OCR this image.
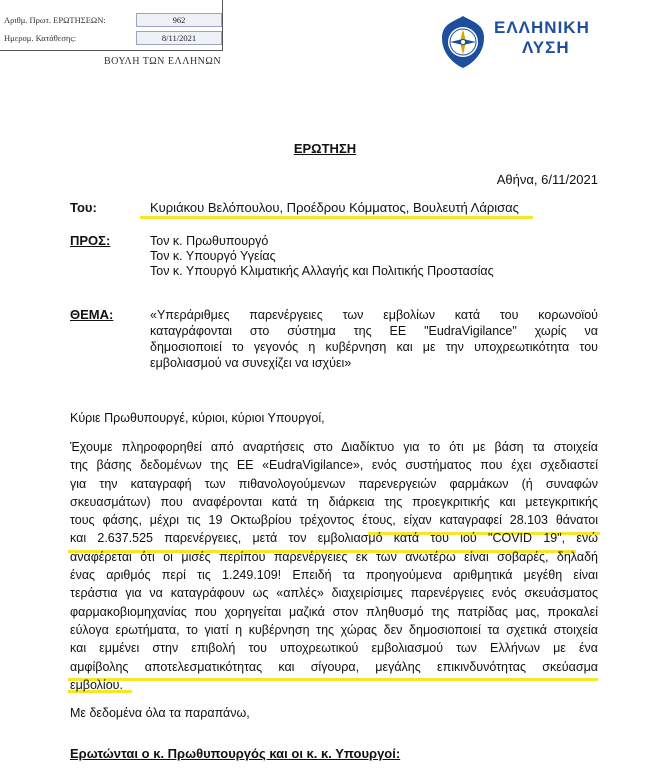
Αριθμ. Πρωτ. ΕΡΩΤΗΣΕΩΝ:	962
Ημερομ. Κατάθεσης:	8/11/2021
ΒΟΥΛΗ ΤΩΝ ΕΛΛΗΝΩΝ
ΕΛΛΗΝΙΚΗ
ΛΥΣΗ
ΕΡΩΤΗΣΗ
Αθήνα, 6/11/2021
Του:	Κυριάκου Βελόπουλου, Προέδρου Κόμματος, Βουλευτή Λάρισας
ΠΡΟΣ:	Τον κ. Πρωθυπουργό
Τον κ. Υπουργό Υγείας
Τον κ. Υπουργό Κλιματικής Αλλαγής και Πολιτικής Προστασίας
ΘΕΜΑ:	«Υπεράριθμες παρενέργειες των εμβολίων κατά του κορωνοϊού
καταγράφονται στο σύστημα της ΕΕ "EudraVigilance" χωρίς να
δημοσιοποιεί το γεγονός η κυβέρνηση και με την υποχρεωτικότητα του
εμβολιασμού να συνεχίζει να ισχύει»
Κύριε Πρωθυπουργέ, κύριοι, κύριοι Υπουργοί,
Έχουμε πληροφορηθεί από αναρτήσεις στο Διαδίκτυο για το ότι με βάση τα στοιχεία
της βάσης δεδομένων της ΕΕ «EudraVigilance», ενός συστήματος που έχει σχεδιαστεί
για την καταγραφή των πιθανολογούμενων παρενεργειών φαρμάκων (ή συναφών
σκευασμάτων) που αναφέρονται κατά τη διάρκεια της προεγκριτικής και μετεγκριτικής
τους φάσης, μέχρι τις 19 Οκτωβρίου τρέχοντος έτους, είχαν καταγραφεί 28.103 θάνατοι
και 2.637.525 παρενέργειες, μετά τον εμβολιασμό κατά του ιού "COVID 19", ενώ
αναφέρεται ότι οι μισές περίπου παρενέργειες εκ των ανωτέρω είναι σοβαρές, δηλαδή
ένας αριθμός περί τις 1.249.109! Επειδή τα προηγούμενα αριθμητικά μεγέθη είναι
τεράστια για να καταγράφουν ως «απλές» διαχειρίσιμες παρενέργειες ενός σκευάσματος
φαρμακοβιομηχανίας που χορηγείται μαζικά στον πληθυσμό της πατρίδας μας, προκαλεί
εύλογα ερωτήματα, το γιατί η κυβέρνηση της χώρας δεν δημοσιοποιεί τα σχετικά στοιχεία
και εμμένει στην επιβολή του υποχρεωτικού εμβολιασμού των Ελλήνων με ένα
αμφίβολης αποτελεσματικότητας και σίγουρα, μεγάλης επικινδυνότητας σκεύασμα
εμβολίου.
Με δεδομένα όλα τα παραπάνω,
Ερωτώνται ο κ. Πρωθυπουργός και οι κ. κ. Υπουργοί:
